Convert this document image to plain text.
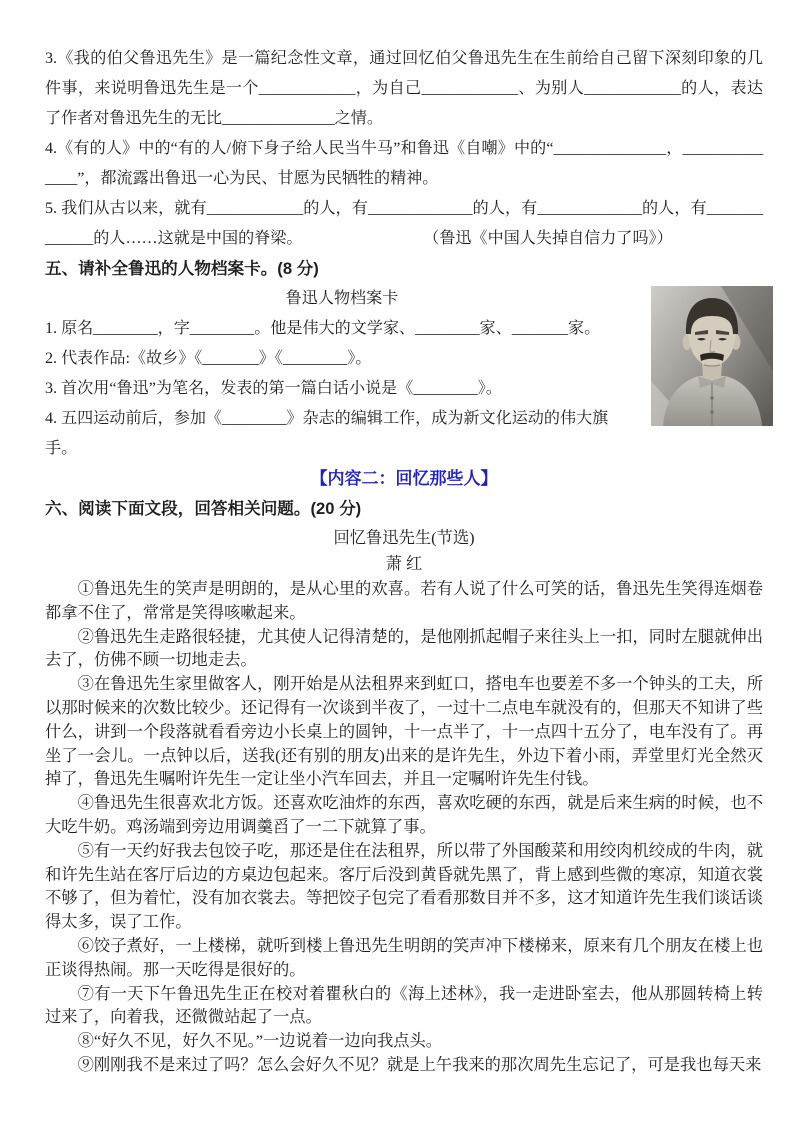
3.《我的伯父鲁迅先生》是一篇纪念性文章，通过回忆伯父鲁迅先生在生前给自己留下深刻印象的几件事，来说明鲁迅先生是一个____________，为自己____________、为别人____________的人，表达了作者对鲁迅先生的无比______________之情。

4.《有的人》中的“有的人/俯下身子给人民当牛马”和鲁迅《自嘲》中的“______________，______________”，都流露出鲁迅一心为民、甘愿为民牺牲的精神。

5. 我们从古以来，就有____________的人，有_____________的人，有_____________的人，有_____________的人……这就是中国的脊梁。	（鲁迅《中国人失掉自信力了吗》）

五、请补全鲁迅的人物档案卡。(8 分)

鲁迅人物档案卡

1. 原名________，字________。他是伟大的文学家、________家、_______家。

2. 代表作品:《故乡》《_______》《________》。

3. 首次用“鲁迅”为笔名，发表的第一篇白话小说是《________》。

4. 五四运动前后，参加《________》杂志的编辑工作，成为新文化运动的伟大旗手。

【内容二：回忆那些人】

六、阅读下面文段，回答相关问题。(20 分)

回忆鲁迅先生(节选)

萧 红

①鲁迅先生的笑声是明朗的，是从心里的欢喜。若有人说了什么可笑的话，鲁迅先生笑得连烟卷都拿不住了，常常是笑得咳嗽起来。

②鲁迅先生走路很轻捷，尤其使人记得清楚的，是他刚抓起帽子来往头上一扣，同时左腿就伸出去了，仿佛不顾一切地走去。

③在鲁迅先生家里做客人，刚开始是从法租界来到虹口，搭电车也要差不多一个钟头的工夫，所以那时候来的次数比较少。还记得有一次谈到半夜了，一过十二点电车就没有的，但那天不知讲了些什么，讲到一个段落就看看旁边小长桌上的圆钟，十一点半了，十一点四十五分了，电车没有了。再坐了一会儿。一点钟以后，送我(还有别的朋友)出来的是许先生，外边下着小雨，弄堂里灯光全然灭掉了，鲁迅先生嘱咐许先生一定让坐小汽车回去，并且一定嘱咐许先生付钱。

④鲁迅先生很喜欢北方饭。还喜欢吃油炸的东西，喜欢吃硬的东西，就是后来生病的时候，也不大吃牛奶。鸡汤端到旁边用调羹舀了一二下就算了事。

⑤有一天约好我去包饺子吃，那还是住在法租界，所以带了外国酸菜和用绞肉机绞成的牛肉，就和许先生站在客厅后边的方桌边包起来。客厅后没到黄昏就先黑了，背上感到些微的寒凉，知道衣裳不够了，但为着忙，没有加衣裳去。等把饺子包完了看看那数目并不多，这才知道许先生我们谈话谈得太多，误了工作。

⑥饺子煮好，一上楼梯，就听到楼上鲁迅先生明朗的笑声冲下楼梯来，原来有几个朋友在楼上也正谈得热闹。那一天吃得是很好的。

⑦有一天下午鲁迅先生正在校对着瞿秋白的《海上述林》，我一走进卧室去，他从那圆转椅上转过来了，向着我，还微微站起了一点。

⑧“好久不见，好久不见。”一边说着一边向我点头。

⑨刚刚我不是来过了吗？怎么会好久不见？就是上午我来的那次周先生忘记了，可是我也每天来
